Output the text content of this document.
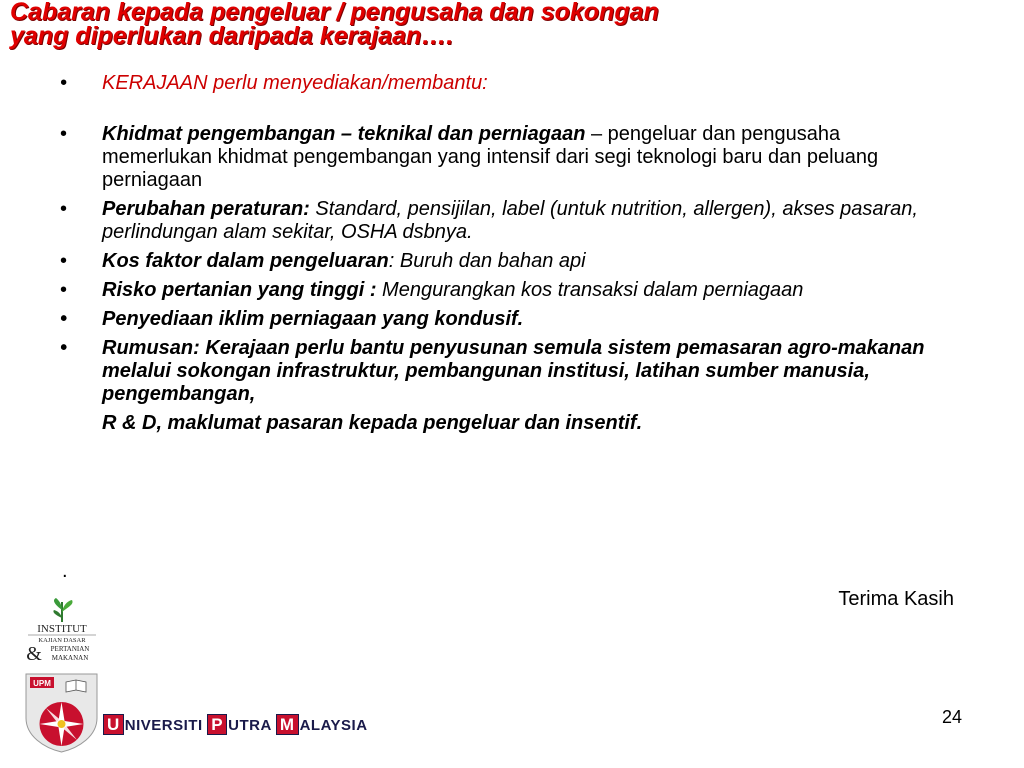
Cabaran kepada pengeluar / pengusaha dan sokongan
yang diperlukan daripada kerajaan….
• KERAJAAN perlu menyediakan/membantu:
• Khidmat pengembangan – teknikal dan perniagaan – pengeluar dan pengusaha memerlukan khidmat pengembangan yang intensif dari segi teknologi baru dan peluang perniagaan
• Perubahan peraturan: Standard, pensijilan, label (untuk nutrition, allergen), akses pasaran, perlindungan alam sekitar, OSHA dsbnya.
• Kos faktor dalam pengeluaran: Buruh dan bahan api
• Risko pertanian yang tinggi : Mengurangkan kos transaksi dalam perniagaan
• Penyediaan iklim perniagaan yang kondusif.
• Rumusan: Kerajaan perlu bantu penyusunan semula sistem pemasaran agro-makanan melalui sokongan infrastruktur, pembangunan institusi, latihan sumber manusia, pengembangan,
R & D, maklumat pasaran kepada pengeluar dan insentif.
.
Terima Kasih
24
INSTITUT
KAJIAN DASAR
& PERTANIAN
MAKANAN
UPM
U NIVERSITI P UTRA M ALAYSIA
